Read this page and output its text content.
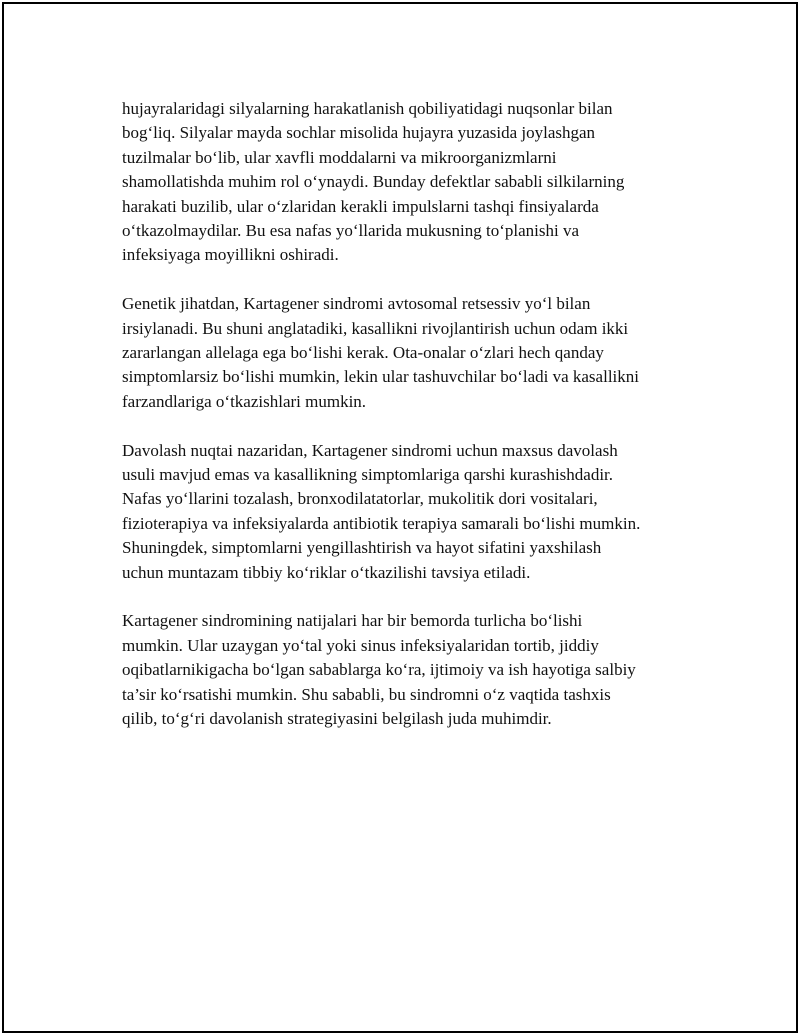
hujayralaridagi silyalarning harakatlanish qobiliyatidagi nuqsonlar bilan
bog‘liq. Silyalar mayda sochlar misolida hujayra yuzasida joylashgan
tuzilmalar bo‘lib, ular xavfli moddalarni va mikroorganizmlarni
shamollatishda muhim rol o‘ynaydi. Bunday defektlar sababli silkilarning
harakati buzilib, ular o‘zlaridan kerakli impulslarni tashqi finsiyalarda
o‘tkazolmaydilar. Bu esa nafas yo‘llarida mukusning to‘planishi va
infeksiyaga moyillikni oshiradi.

Genetik jihatdan, Kartagener sindromi avtosomal retsessiv yo‘l bilan
irsiylanadi. Bu shuni anglatadiki, kasallikni rivojlantirish uchun odam ikki
zararlangan allelaga ega bo‘lishi kerak. Ota-onalar o‘zlari hech qanday
simptomlarsiz bo‘lishi mumkin, lekin ular tashuvchilar bo‘ladi va kasallikni
farzandlariga o‘tkazishlari mumkin.

Davolash nuqtai nazaridan, Kartagener sindromi uchun maxsus davolash
usuli mavjud emas va kasallikning simptomlariga qarshi kurashishdadir.
Nafas yo‘llarini tozalash, bronxodilatatorlar, mukolitik dori vositalari,
fizioterapiya va infeksiyalarda antibiotik terapiya samarali bo‘lishi mumkin.
Shuningdek, simptomlarni yengillashtirish va hayot sifatini yaxshilash
uchun muntazam tibbiy ko‘riklar o‘tkazilishi tavsiya etiladi.

Kartagener sindromining natijalari har bir bemorda turlicha bo‘lishi
mumkin. Ular uzaygan yo‘tal yoki sinus infeksiyalaridan tortib, jiddiy
oqibatlarnikigacha bo‘lgan sabablarga ko‘ra, ijtimoiy va ish hayotiga salbiy
ta’sir ko‘rsatishi mumkin. Shu sababli, bu sindromni o‘z vaqtida tashxis
qilib, to‘g‘ri davolanish strategiyasini belgilash juda muhimdir.
